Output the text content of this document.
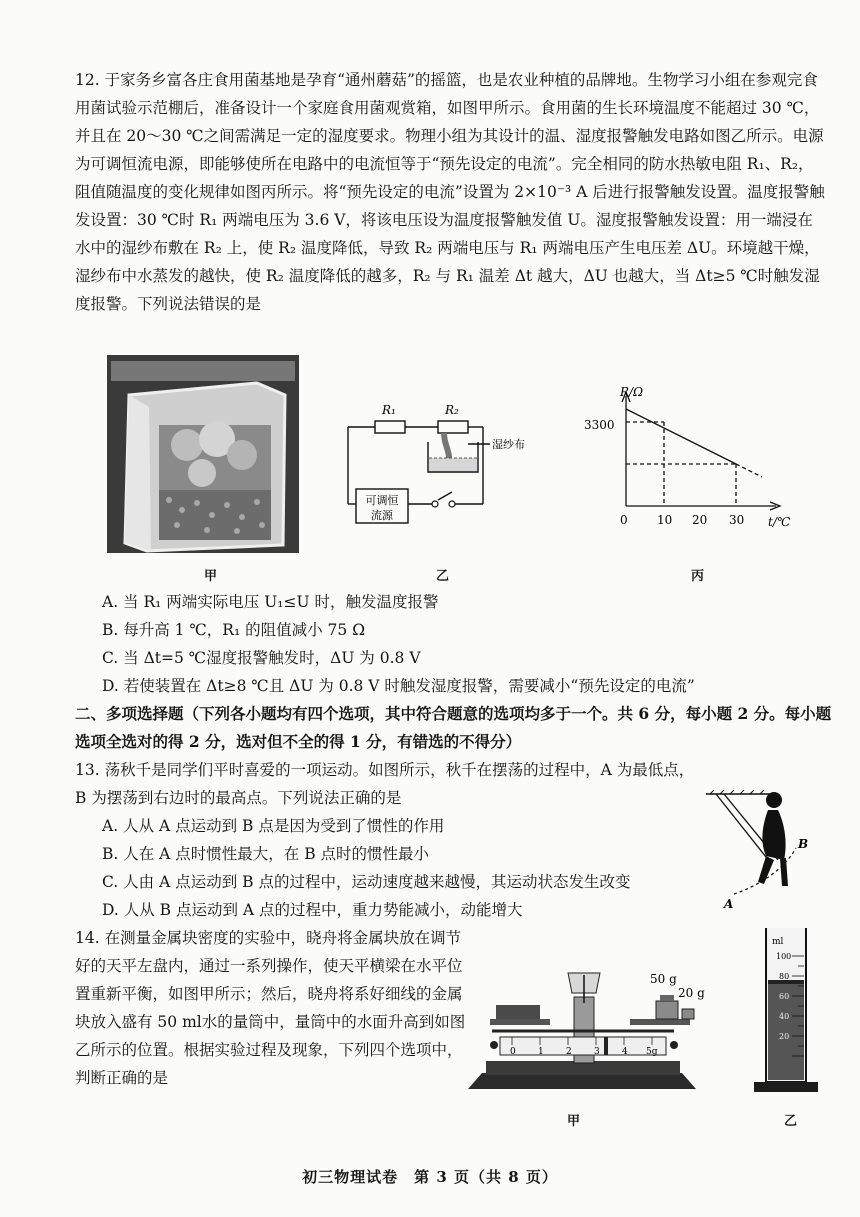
12. 于家务乡富各庄食用菌基地是孕育“通州蘑菇”的摇篮，也是农业种植的品牌地。生物学习小组在参观完食用菌试验示范棚后，准备设计一个家庭食用菌观赏箱，如图甲所示。食用菌的生长环境温度不能超过 30 ℃，并且在 20～30 ℃之间需满足一定的湿度要求。物理小组为其设计的温、湿度报警触发电路如图乙所示。电源为可调恒流电源，即能够使所在电路中的电流恒等于“预先设定的电流”。完全相同的防水热敏电阻 R₁、R₂，阻值随温度的变化规律如图丙所示。将“预先设定的电流”设置为 2×10⁻³ A 后进行报警触发设置。温度报警触发设置：30 ℃时 R₁ 两端电压为 3.6 V，将该电压设为温度报警触发值 U。湿度报警触发设置：用一端浸在水中的湿纱布敷在 R₂ 上，使 R₂ 温度降低，导致 R₂ 两端电压与 R₁ 两端电压产生电压差 ΔU。环境越干燥，湿纱布中水蒸发的越快，使 R₂ 温度降低的越多，R₂ 与 R₁ 温差 Δt 越大，ΔU 也越大，当 Δt≥5 ℃时触发湿度报警。下列说法错误的是

甲
R₁	R₂
湿纱布
可调恒
流源
乙
R/Ω
3300
0 10 20 30 t/℃
丙

A. 当 R₁ 两端实际电压 U₁≤U 时，触发温度报警

B. 每升高 1 ℃，R₁ 的阻值减小 75 Ω

C. 当 Δt=5 ℃湿度报警触发时，ΔU 为 0.8 V

D. 若使装置在 Δt≥8 ℃且 ΔU 为 0.8 V 时触发湿度报警，需要减小“预先设定的电流”

二、多项选择题（下列各小题均有四个选项，其中符合题意的选项均多于一个。共 6 分，每小题 2 分。每小题选项全选对的得 2 分，选对但不全的得 1 分，有错选的不得分）

13. 荡秋千是同学们平时喜爱的一项运动。如图所示，秋千在摆荡的过程中，A 为最低点，B 为摆荡到右边时的最高点。下列说法正确的是

A. 人从 A 点运动到 B 点是因为受到了惯性的作用

B. 人在 A 点时惯性最大，在 B 点时的惯性最小

C. 人由 A 点运动到 B 点的过程中，运动速度越来越慢，其运动状态发生改变

D. 人从 B 点运动到 A 点的过程中，重力势能减小，动能增大	A
B

14. 在测量金属块密度的实验中，晓舟将金属块放在调节好的天平左盘内，通过一系列操作，使天平横梁在水平位置重新平衡，如图甲所示；然后，晓舟将系好细线的金属块放入盛有 50 ml水的量筒中，量筒中的水面升高到如图乙所示的位置。根据实验过程及现象，下列四个选项中，判断正确的是

0 1 2 3 4 5g
50 g
20 g
甲
ml
100
80
60
40
20
乙
初三物理试卷　第 3 页（共 8 页）
